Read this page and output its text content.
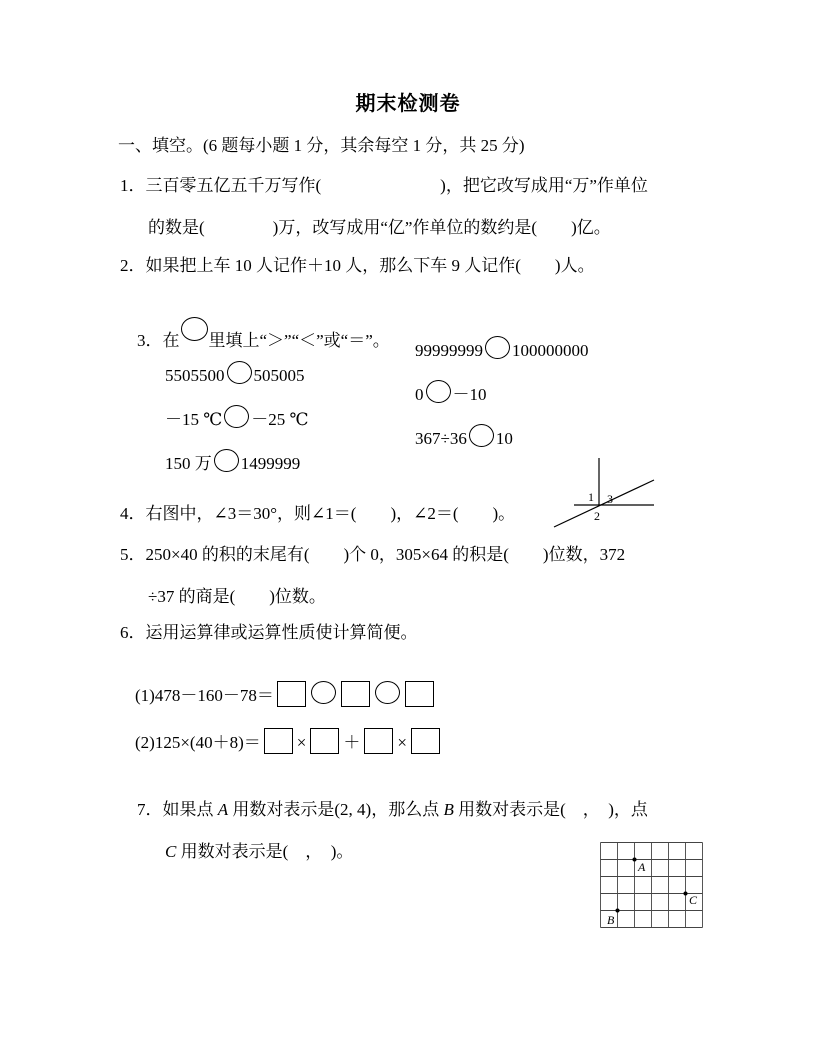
期末检测卷
一、填空。(6 题每小题 1 分，其余每空 1 分，共 25 分)
1．三百零五亿五千万写作(　　　　　　　)，把它改写成用“万”作单位
的数是(　　　　)万，改写成用“亿”作单位的数约是(　　)亿。
2．如果把上车 10 人记作＋10 人，那么下车 9 人记作(　　)人。

3．在 里填上“＞”“＜”或“＝”。

5505500 505005

99999999 100000000

－15 ℃ －25 ℃

0 －10

150 万 1499999

367÷36 10

1 3
2
4．右图中，∠3＝30°，则∠1＝(　　)，∠2＝(　　)。
5．250×40 的积的末尾有(　　)个 0，305×64 的积是(　　)位数，372
÷37 的商是(　　)位数。
6．运用运算律或运算性质使计算简便。

(1)478－160－78＝

(2)125×(40＋8)＝ × ＋ ×

7．如果点 A 用数对表示是(2, 4)，那么点 B 用数对表示是(　，　)，点

C 用数对表示是(　，　)。

A
B
C
